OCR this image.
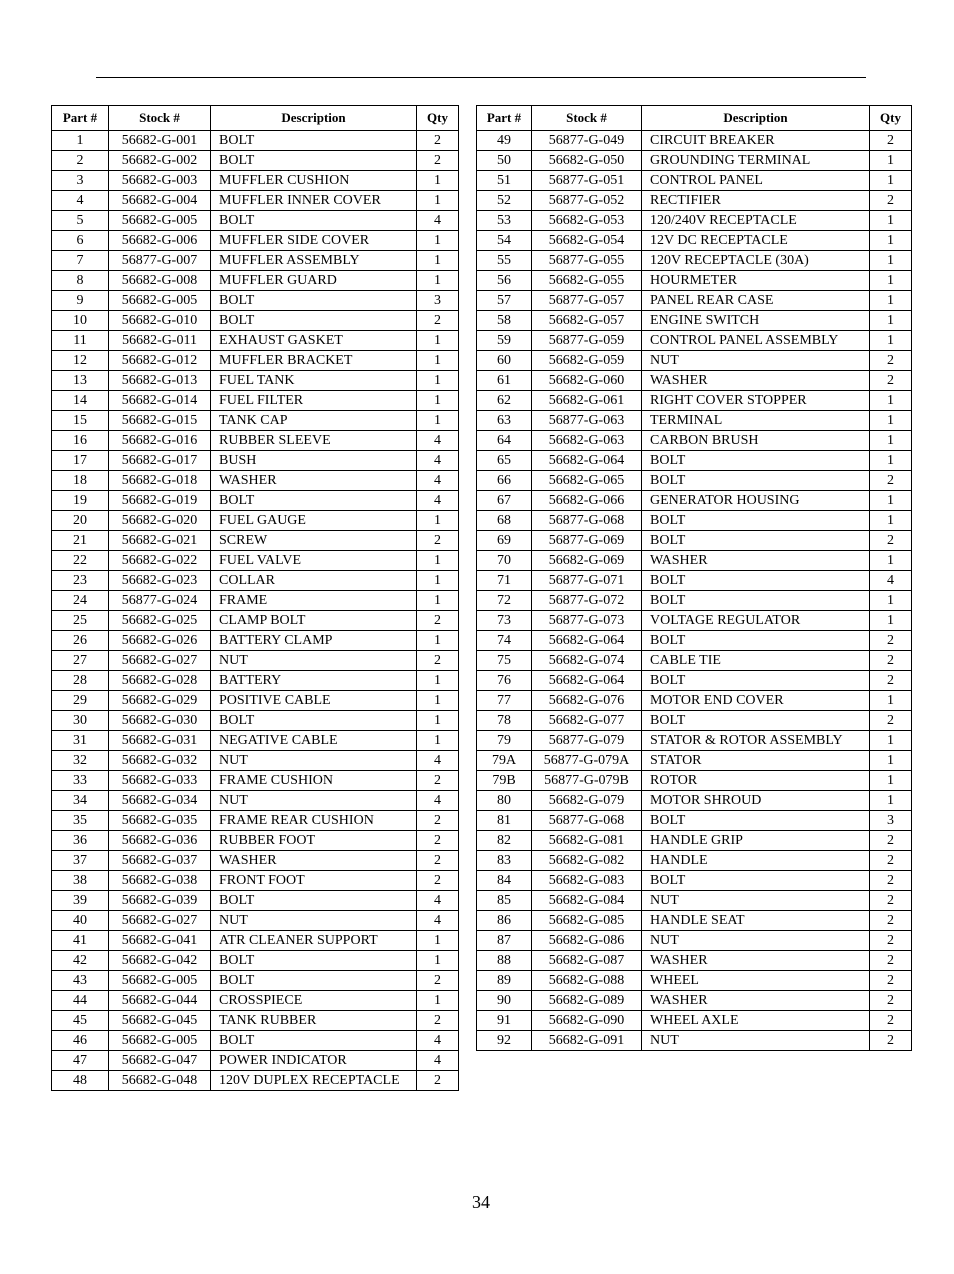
Part #	Stock #	Description	Qty
1	56682-G-001	BOLT	2
2	56682-G-002	BOLT	2
3	56682-G-003	MUFFLER CUSHION	1
4	56682-G-004	MUFFLER INNER COVER	1
5	56682-G-005	BOLT	4
6	56682-G-006	MUFFLER SIDE COVER	1
7	56877-G-007	MUFFLER ASSEMBLY	1
8	56682-G-008	MUFFLER GUARD	1
9	56682-G-005	BOLT	3
10	56682-G-010	BOLT	2
11	56682-G-011	EXHAUST GASKET	1
12	56682-G-012	MUFFLER BRACKET	1
13	56682-G-013	FUEL TANK	1
14	56682-G-014	FUEL FILTER	1
15	56682-G-015	TANK CAP	1
16	56682-G-016	RUBBER SLEEVE	4
17	56682-G-017	BUSH	4
18	56682-G-018	WASHER	4
19	56682-G-019	BOLT	4
20	56682-G-020	FUEL GAUGE	1
21	56682-G-021	SCREW	2
22	56682-G-022	FUEL VALVE	1
23	56682-G-023	COLLAR	1
24	56877-G-024	FRAME	1
25	56682-G-025	CLAMP BOLT	2
26	56682-G-026	BATTERY CLAMP	1
27	56682-G-027	NUT	2
28	56682-G-028	BATTERY	1
29	56682-G-029	POSITIVE CABLE	1
30	56682-G-030	BOLT	1
31	56682-G-031	NEGATIVE CABLE	1
32	56682-G-032	NUT	4
33	56682-G-033	FRAME CUSHION	2
34	56682-G-034	NUT	4
35	56682-G-035	FRAME REAR CUSHION	2
36	56682-G-036	RUBBER FOOT	2
37	56682-G-037	WASHER	2
38	56682-G-038	FRONT FOOT	2
39	56682-G-039	BOLT	4
40	56682-G-027	NUT	4
41	56682-G-041	ATR CLEANER SUPPORT	1
42	56682-G-042	BOLT	1
43	56682-G-005	BOLT	2
44	56682-G-044	CROSSPIECE	1
45	56682-G-045	TANK RUBBER	2
46	56682-G-005	BOLT	4
47	56682-G-047	POWER INDICATOR	4
48	56682-G-048	120V DUPLEX RECEPTACLE	2
Part #	Stock #	Description	Qty
49	56877-G-049	CIRCUIT BREAKER	2
50	56682-G-050	GROUNDING TERMINAL	1
51	56877-G-051	CONTROL PANEL	1
52	56877-G-052	RECTIFIER	2
53	56682-G-053	120/240V RECEPTACLE	1
54	56682-G-054	12V DC RECEPTACLE	1
55	56877-G-055	120V RECEPTACLE (30A)	1
56	56682-G-055	HOURMETER	1
57	56877-G-057	PANEL REAR CASE	1
58	56682-G-057	ENGINE SWITCH	1
59	56877-G-059	CONTROL PANEL ASSEMBLY	1
60	56682-G-059	NUT	2
61	56682-G-060	WASHER	2
62	56682-G-061	RIGHT COVER STOPPER	1
63	56877-G-063	TERMINAL	1
64	56682-G-063	CARBON BRUSH	1
65	56682-G-064	BOLT	1
66	56682-G-065	BOLT	2
67	56682-G-066	GENERATOR HOUSING	1
68	56877-G-068	BOLT	1
69	56877-G-069	BOLT	2
70	56682-G-069	WASHER	1
71	56877-G-071	BOLT	4
72	56877-G-072	BOLT	1
73	56877-G-073	VOLTAGE REGULATOR	1
74	56682-G-064	BOLT	2
75	56682-G-074	CABLE TIE	2
76	56682-G-064	BOLT	2
77	56682-G-076	MOTOR END COVER	1
78	56682-G-077	BOLT	2
79	56877-G-079	STATOR & ROTOR ASSEMBLY	1
79A	56877-G-079A	STATOR	1
79B	56877-G-079B	ROTOR	1
80	56682-G-079	MOTOR SHROUD	1
81	56877-G-068	BOLT	3
82	56682-G-081	HANDLE GRIP	2
83	56682-G-082	HANDLE	2
84	56682-G-083	BOLT	2
85	56682-G-084	NUT	2
86	56682-G-085	HANDLE SEAT	2
87	56682-G-086	NUT	2
88	56682-G-087	WASHER	2
89	56682-G-088	WHEEL	2
90	56682-G-089	WASHER	2
91	56682-G-090	WHEEL AXLE	2
92	56682-G-091	NUT	2
34
